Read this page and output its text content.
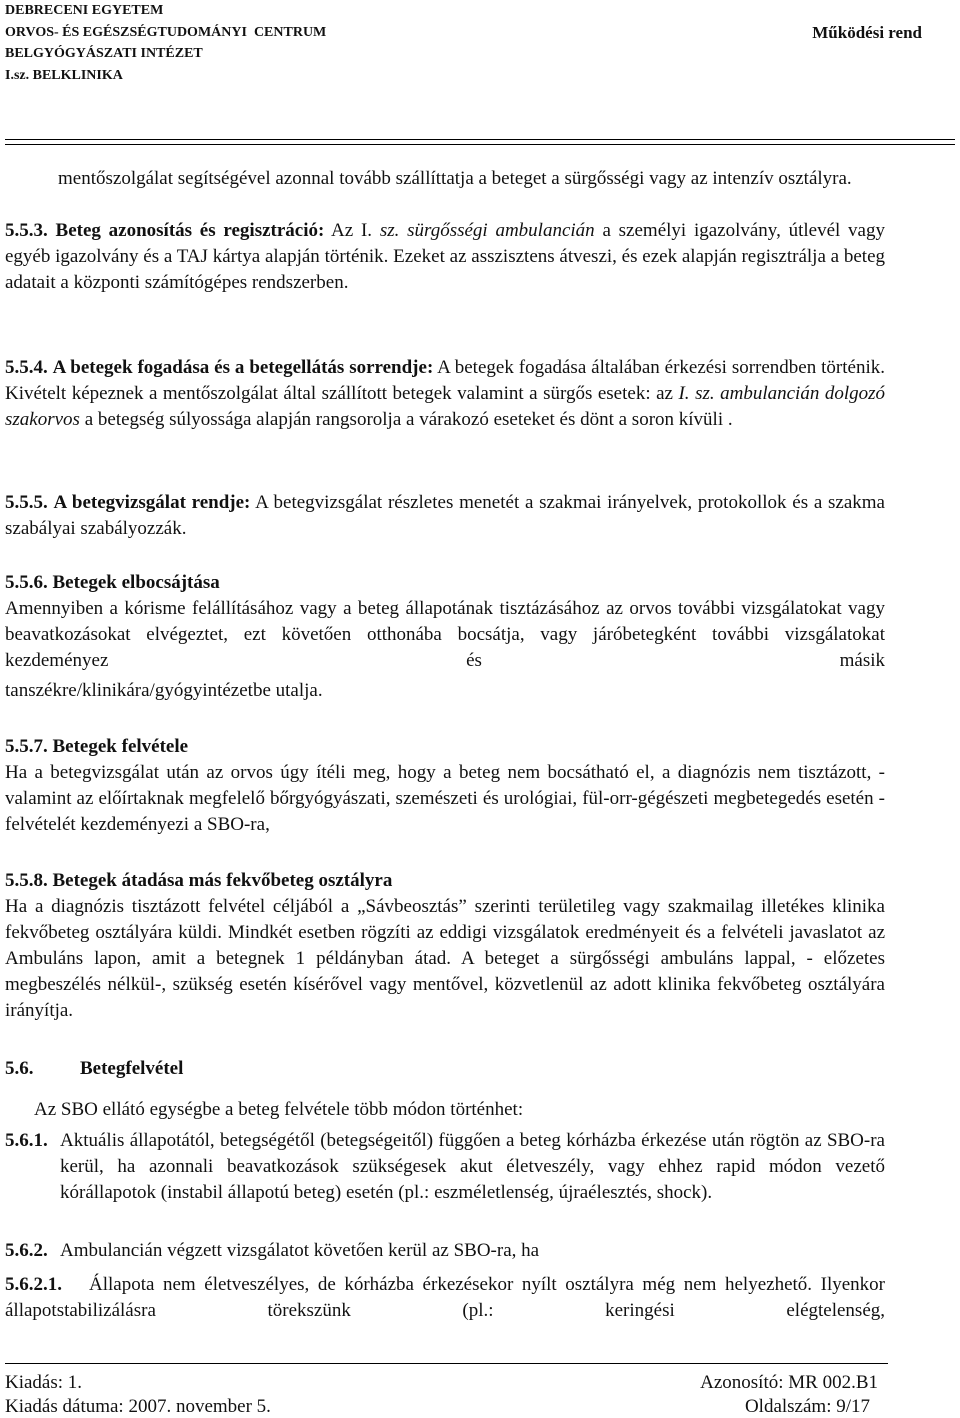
DEBRECENI EGYETEM
ORVOS- ÉS EGÉSZSÉGTUDOMÁNYI  CENTRUM
BELGYÓGYÁSZATI INTÉZET
I.sz. BELKLINIKA
Működési rend
mentőszolgálat segítségével azonnal tovább szállíttatja a beteget a sürgősségi vagy az intenzív osztályra.
5.5.3. Beteg azonosítás és regisztráció: Az I. sz. sürgősségi ambulancián a személyi igazolvány, útlevél vagy egyéb igazolvány és a TAJ kártya alapján történik. Ezeket az asszisztens átveszi, és ezek alapján regisztrálja a beteg adatait a központi számítógépes rendszerben.
5.5.4. A betegek fogadása és a betegellátás sorrendje: A betegek fogadása általában érkezési sorrendben történik. Kivételt képeznek a mentőszolgálat által szállított betegek valamint a sürgős esetek: az I. sz. ambulancián dolgozó szakorvos a betegség súlyossága alapján rangsorolja a várakozó eseteket és dönt a soron kívüli .
5.5.5. A betegvizsgálat rendje: A betegvizsgálat részletes menetét a szakmai irányelvek, protokollok és a szakma szabályai szabályozzák.
5.5.6. Betegek elbocsájtása
Amennyiben a kórisme felállításához vagy a beteg állapotának tisztázásához az orvos további vizsgálatokat vagy beavatkozásokat elvégeztet, ezt követően otthonába bocsátja, vagy járóbetegként további vizsgálatokat kezdeményez és másik
tanszékre/klinikára/gyógyintézetbe utalja.
5.5.7. Betegek felvétele
Ha a betegvizsgálat után az orvos úgy ítéli meg, hogy a beteg nem bocsátható el, a diagnózis nem tisztázott, - valamint az előírtaknak megfelelő bőrgyógyászati, szemészeti és urológiai, fül-orr-gégészeti megbetegedés esetén - felvételét kezdeményezi a SBO-ra,
5.5.8. Betegek átadása más fekvőbeteg osztályra
Ha a diagnózis tisztázott felvétel céljából a „Sávbeosztás” szerinti területileg vagy szakmailag illetékes klinika fekvőbeteg osztályára küldi. Mindkét esetben rögzíti az eddigi vizsgálatok eredményeit és a felvételi javaslatot az Ambuláns lapon, amit a betegnek 1 példányban átad. A beteget a sürgősségi ambuláns lappal, - előzetes megbeszélés nélkül-, szükség esetén kísérővel vagy mentővel, közvetlenül az adott klinika fekvőbeteg osztályára irányítja.
5.6. Betegfelvétel
Az SBO ellátó egységbe a beteg felvétele több módon történhet:
5.6.1. Aktuális állapotától, betegségétől (betegségeitől) függően a beteg kórházba érkezése után rögtön az SBO-ra kerül, ha azonnali beavatkozások szükségesek akut életveszély, vagy ehhez rapid módon vezető kórállapotok (instabil állapotú beteg) esetén (pl.: eszméletlenség, újraélesztés, shock).
5.6.2. Ambulancián végzett vizsgálatot követően kerül az SBO-ra, ha
5.6.2.1.	Állapota nem életveszélyes, de kórházba érkezésekor nyílt osztályra még nem helyezhető. Ilyenkor állapotstabilizálásra törekszünk (pl.: keringési elégtelenség,
Kiadás: 1.	Azonosító: MR 002.B1
Kiadás dátuma: 2007. november 5.	Oldalszám: 9/17
